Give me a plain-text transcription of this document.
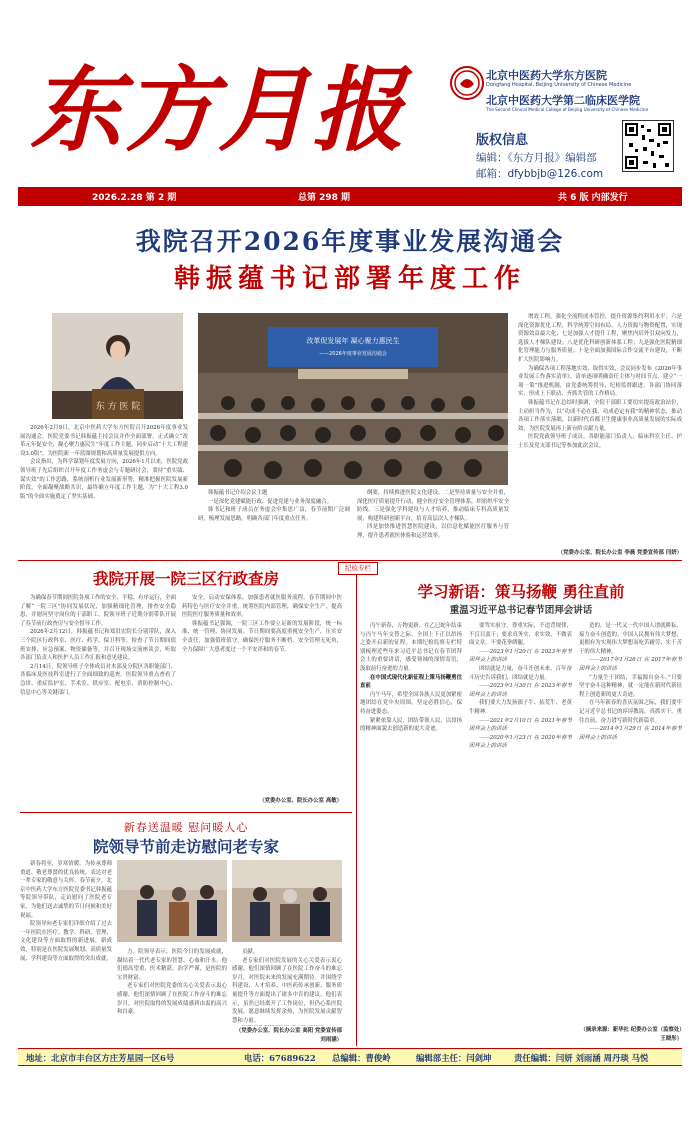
东方月报	北京中医药大学东方医院
Dongfang Hospital, Beijing University of Chinese Medicine
北京中医药大学第二临床医学院
The Second Clinical Medical College of Beijing University of Chinese Medicine
版权信息
编辑：《东方月报》编辑部
邮箱：dfybbjb@126.com
2026.2.28 第 2 期	总第 298 期	共 6 版 内部发行
我院召开2026年度事业发展沟通会
韩振蕴书记部署年度工作
东 方 医 院
2026年2月9日，北京中医药大学东方医院召开2026年度事业发展沟通会。医院党委书记韩振蕴主持会议并作全面部署，正式确立“改革元年促安全，凝心聚力惠民生”年度工作主题，同步启动“十大工程建设3.0版”，为医院新一年蓝图规划和高质量发展提供方向。
会议指出，为科学谋划年度发展方向，2026年1月以来，医院党政领导班子先后组织召开年度工作务虚会与专题研讨会，秉持“重实绩、谋实效”的工作思路，系统剖析行业发展新形势，精准把握医院发展新阶段，全面凝聚战略共识，最终确立年度工作主题，为“十大工程3.0版”的全面实施奠定了坚实基础。
改革促发展年 凝心聚力惠民生
——2026年度事业发展沟通会
韩振蕴书记介绍会议主题
一是深化党建赋能行政，促进党建与业务深度融合。
韩书记和班子成员在务虚会中集思广益，春节前期广泛调研，梳理发展思路，明确各部门年度重点任务。
纲要，持续推进医院文化建设。二是坚持质量与安全并重，深化医疗质量提升行动，健全医疗安全管理体系，织密织牢安全防线。三是强化学科建设与人才培养，推动临床专科高质量发展，构建科研创新平台，培育高层次人才梯队。
四是加快推进智慧医院建设，以信息化赋能医疗服务与管理，提升患者就医体验和运营效率。
增效工程，强化全流程成本管控，提升资源集约利用水平；六是深化资源优化工程，科学统筹空间布局、人力资源与物资配置，实现资源效益最大化；七是加强人才提升工程，聚焦内培外引双向发力，选拔人才梯队建设；八是优化科研创新体系工程；九是强化医院精细化管理能力与服务质量；十是全面加强国际合作交流平台建设，不断扩大医院影响力。
为确保各项工程落地实效，取得实效，会议同步发布《2026年事业发展工作落实清单》，清单逐项明确责任主体与时间节点，建立“一项一策”推进机制，由党委统筹督导、纪检监督跟进、各部门协同落实，形成上下联动、齐抓共管的工作格局。
韩振蕴书记在总结时强调，全院干部职工要切实提高政治站位，主动担当作为，以“功成不必在我、功成必定有我”的精神状态，推动各项工作落实落细，以新时代首都卫生健康事业高质量发展的实际成效，为医院发展再上新台阶贡献力量。
医院党政领导班子成员、各职能部门负责人、临床科室主任、护士长及党支部书记等参加此次会议。
（党委办公室、院长办公室 李晨 党委宣传部 闫妍）
我院开展一院三区行政查房
为确保春节期间医院各项工作的安全、平稳、有序运行，全面了解“一院三区”协同发展状况，加强精细化管理，排查安全隐患，并慰问坚守岗位的干部职工，院领导班子近期分别带队开展了春节前行政查房与安全督导工作。
2026年2月12日，韩振蕴书记和郑洪宏院长分别带队，深入三个院区行政科室、医疗、药学、保卫科等，检查了节日期间值班安排、应急预案、物资储备等，并召开现场交流座谈会，听取各部门负责人和医护人员工作汇报和意见建议。
2月14日，院领导班子全体成员对本部及分院区各职能部门、各临床及医技科室进行了全面细致的巡查。医院领导重点查看了急诊、重症监护室、手术室、供应室、配电室、消防控制中心、信息中心等关键部门。
安全，启动安保体系，加强患者就医服务流程。春节期间中医药特色与医疗安全并重，统筹医院内部管理，确保安全生产，提高医院医疗服务质量和效率。
韩振蕴书记强调，一院三区工作要立足新的发展阶段，统一标准、统一管理、协同发展。节日期间要高度重视安全生产，压实安全责任，加强值班值守，确保医疗服务不断档、安全管理无死角，全力保障广大患者度过一个平安祥和的春节。
（党委办公室、院长办公室 高敏）
新春送温暖 慰问暖人心
院领导节前走访慰问老专家
新春将至，岁寒情暖。为传承尊师重道、敬老尊贤的优良传统，表达对老一辈专家的敬意与关怀，春节前夕，北京中医药大学东方医院党委书记韩振蕴等院领导带队，走访慰问了医院老专家，为他们送去诚挚的节日问候和美好祝福。
院领导向老专家们详细介绍了过去一年医院在医疗、教学、科研、管理、文化建设等方面取得的新进展，新成效，特别是在医院发展规划、高质量发展、学科建设等方面取得的突出成就。
力。院领导表示，医院今日的发展成就，凝结着一代代老专家的智慧、心血和汗水。他们德高望重，医术精湛，治学严谨，是医院的宝贵财富。
老专家们对医院党委的关心关爱表示衷心感谢，他们深情回顾了在医院工作奋斗的难忘岁月，对医院取得的发展成绩感到由衷的高兴和自豪。
贡献。
老专家们对医院发展的关心关爱表示衷心感谢。他们深情回顾了在医院工作奋斗的难忘岁月，对医院未来的发展充满期待。并围绕学科建设、人才培养、中医药传承创新、服务质量提升等方面提出了诸多中肯的建议，他们表示，虽然已经离开了工作岗位，但仍心系医院发展，愿意继续发挥余热，为医院发展贡献智慧和力量。
（党委办公室、院长办公室 高阳 党委宣传部 刘雨涵）
纪检专栏
学习新语：策马扬鞭 勇往直前
重温习近平总书记春节团拜会讲话
丙午新春，万物更新。在乙巳蛇年结束与丙午马年交替之际，全国上下正以昂扬之姿开启新的征程。本期纪检监察专栏特别梳理近些年来习近平总书记在春节团拜会上的重要讲话，感受领袖的深情寄语，汲取前行奋进的力量。
在中国式现代化新征程上策马扬鞭勇往直前
丙午马年，希望全国各族人民更加紧密地团结在党中央周围，坚定必胜信心，保持奋进姿态。
紧紧依靠人民、团结带领人民，以昂扬的精神面貌去创造新的更大奇迹。
要驾实驭守，尊重实际，不违背规律，不盲目蛮干；要求真务实，求实效，不做表面文章，不要花拳绣腿。
——2023年1月20日 在 2023年春节团拜会上的讲话
团结就是力量，奋斗开创未来。百年奋斗历史告诉我们，团结就是力量。
——2023年1月30日 在 2023年春节团拜会上的讲话
我们要大力发扬孺子牛、拓荒牛、老黄牛精神。
——2021年2月10日 在 2021年春节团拜会上的讲话
——2020年1月23日 在 2020年春节团拜会上的讲话
造的，是一代又一代中国人谱就耕耘、接力奋斗创造的。中国人民拥有伟大梦想，更拥有为实现伟大梦想而吃苦耐劳、实干苦干的伟大精神。
——2017年1月26日 在 2017年春节团拜会上的讲话
“力量生于团结，幸福源自奋斗。”只要坚守奋斗这种精神，就一定能在新时代新征程上创造新的更大奇迹。
在马年新春的喜庆氛围之际，我们要牢记习近平总书记的谆谆教诲，真抓实干，勇往直前，奋力谱写新时代新篇章。
——2014年1月29日 在 2014年春节团拜会上的讲话
（摘录来源：新华社 纪委办公室（监察处）王晓彤）
地址：北京市丰台区方庄芳星园一区6号	电话：67689622 总编辑：曹俊岭	编辑部主任：闫剑坤	责任编辑：闫妍 刘雨涵 周丹琰 马悦
